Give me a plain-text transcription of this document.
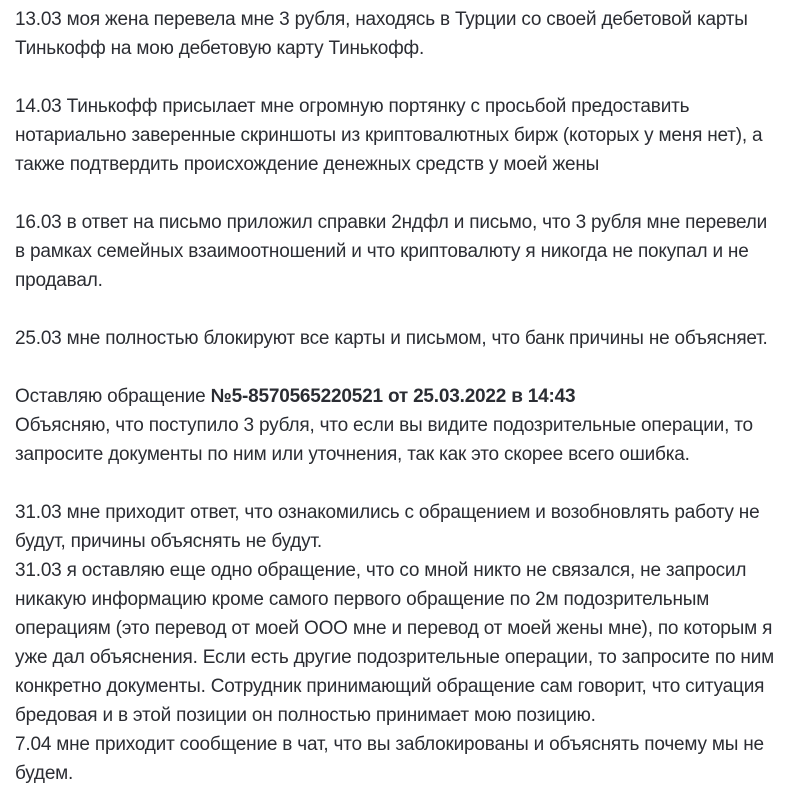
13.03 моя жена перевела мне 3 рубля, находясь в Турции со своей дебетовой карты
Тинькофф на мою дебетовую карту Тинькофф.

14.03 Тинькофф присылает мне огромную портянку с просьбой предоставить
нотариально заверенные скриншоты из криптовалютных бирж (которых у меня нет), а
также подтвердить происхождение денежных средств у моей жены

16.03 в ответ на письмо приложил справки 2ндфл и письмо, что 3 рубля мне перевели
в рамках семейных взаимоотношений и что криптовалюту я никогда не покупал и не
продавал.

25.03 мне полностью блокируют все карты и письмом, что банк причины не объясняет.

Оставляю обращение №5-8570565220521 от 25.03.2022 в 14:43
Объясняю, что поступило 3 рубля, что если вы видите подозрительные операции, то
запросите документы по ним или уточнения, так как это скорее всего ошибка.

31.03 мне приходит ответ, что ознакомились с обращением и возобновлять работу не
будут, причины объяснять не будут.
31.03 я оставляю еще одно обращение, что со мной никто не связался, не запросил
никакую информацию кроме самого первого обращение по 2м подозрительным
операциям (это перевод от моей ООО мне и перевод от моей жены мне), по которым я
уже дал объяснения. Если есть другие подозрительные операции, то запросите по ним
конкретно документы. Сотрудник принимающий обращение сам говорит, что ситуация
бредовая и в этой позиции он полностью принимает мою позицию.
7.04 мне приходит сообщение в чат, что вы заблокированы и объяснять почему мы не
будем.
